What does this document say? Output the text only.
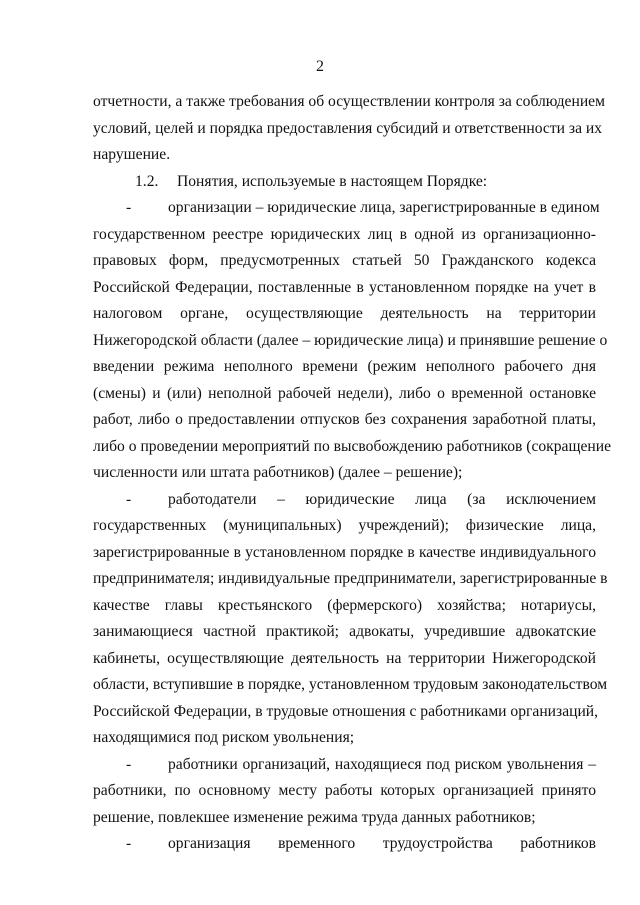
2
отчетности, а также требования об осуществлении контроля за соблюдением
условий, целей и порядка предоставления субсидий и ответственности за их
нарушение.
1.2. Понятия, используемые в настоящем Порядке:
- организации – юридические лица, зарегистрированные в едином
государственном реестре юридических лиц в одной из организационно-
правовых форм, предусмотренных статьей 50 Гражданского кодекса
Российской Федерации, поставленные в установленном порядке на учет в
налоговом органе, осуществляющие деятельность на территории
Нижегородской области (далее – юридические лица) и принявшие решение о
введении режима неполного времени (режим неполного рабочего дня
(смены) и (или) неполной рабочей недели), либо о временной остановке
работ, либо о предоставлении отпусков без сохранения заработной платы,
либо о проведении мероприятий по высвобождению работников (сокращение
численности или штата работников) (далее – решение);
- работодатели – юридические лица (за исключением
государственных (муниципальных) учреждений); физические лица,
зарегистрированные в установленном порядке в качестве индивидуального
предпринимателя; индивидуальные предприниматели, зарегистрированные в
качестве главы крестьянского (фермерского) хозяйства; нотариусы,
занимающиеся частной практикой; адвокаты, учредившие адвокатские
кабинеты, осуществляющие деятельность на территории Нижегородской
области, вступившие в порядке, установленном трудовым законодательством
Российской Федерации, в трудовые отношения с работниками организаций,
находящимися под риском увольнения;
- работники организаций, находящиеся под риском увольнения –
работники, по основному месту работы которых организацией принято
решение, повлекшее изменение режима труда данных работников;
- организация временного трудоустройства работников
